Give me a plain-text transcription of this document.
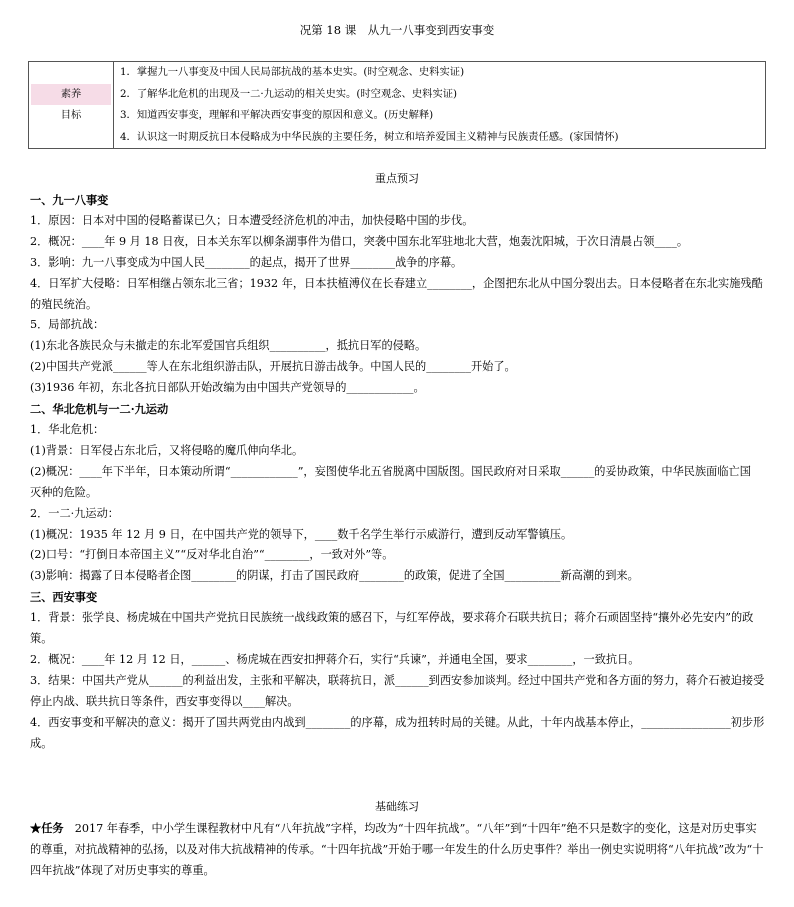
况第 18 课　从九一八事变到西安事变

素养
目标

1．掌握九一八事变及中国人民局部抗战的基本史实。(时空观念、史料实证)
2．了解华北危机的出现及一二·九运动的相关史实。(时空观念、史料实证)
3．知道西安事变，理解和平解决西安事变的原因和意义。(历史解释)
4．认识这一时期反抗日本侵略成为中华民族的主要任务，树立和培养爱国主义精神与民族责任感。(家国情怀)
重点预习

一、九一八事变

1．原因：日本对中国的侵略蓄谋已久；日本遭受经济危机的冲击，加快侵略中国的步伐。

2．概况：____年 9 月 18 日夜，日本关东军以柳条湖事件为借口，突袭中国东北军驻地北大营，炮轰沈阳城，于次日清晨占领____。

3．影响：九一八事变成为中国人民________的起点，揭开了世界________战争的序幕。

4．日军扩大侵略：日军相继占领东北三省；1932 年，日本扶植溥仪在长春建立________，企图把东北从中国分裂出去。日本侵略者在东北实施残酷

的殖民统治。

5．局部抗战：

(1)东北各族民众与未撤走的东北军爱国官兵组织__________，抵抗日军的侵略。

(2)中国共产党派______等人在东北组织游击队，开展抗日游击战争。中国人民的________开始了。

(3)1936 年初，东北各抗日部队开始改编为由中国共产党领导的____________。

二、华北危机与一二·九运动

1．华北危机：

(1)背景：日军侵占东北后，又将侵略的魔爪伸向华北。

(2)概况：____年下半年，日本策动所谓“____________”，妄图使华北五省脱离中国版图。国民政府对日采取______的妥协政策，中华民族面临亡国

灭种的危险。

2．一二·九运动：

(1)概况：1935 年 12 月 9 日，在中国共产党的领导下，____数千名学生举行示威游行，遭到反动军警镇压。

(2)口号：“打倒日本帝国主义”“反对华北自治”“________，一致对外”等。

(3)影响：揭露了日本侵略者企图________的阴谋，打击了国民政府________的政策，促进了全国__________新高潮的到来。

三、西安事变

1．背景：张学良、杨虎城在中国共产党抗日民族统一战线政策的感召下，与红军停战，要求蒋介石联共抗日；蒋介石顽固坚持“攘外必先安内”的政

策。

2．概况：____年 12 月 12 日，______、杨虎城在西安扣押蒋介石，实行“兵谏”，并通电全国，要求________，一致抗日。

3．结果：中国共产党从______的利益出发，主张和平解决，联蒋抗日，派______到西安参加谈判。经过中国共产党和各方面的努力，蒋介石被迫接受

停止内战、联共抗日等条件，西安事变得以____解决。

4．西安事变和平解决的意义：揭开了国共两党由内战到________的序幕，成为扭转时局的关键。从此，十年内战基本停止，________________初步形

成。

基础练习

★任务　2017 年春季，中小学生课程教材中凡有“八年抗战”字样，均改为“十四年抗战”。“八年”到“十四年”绝不只是数字的变化，这是对历史事实的尊重，对抗战精神的弘扬，以及对伟大抗战精神的传承。“十四年抗战”开始于哪一年发生的什么历史事件？举出一例史实说明将“八年抗战”改为“十四年抗战”体现了对历史事实的尊重。
